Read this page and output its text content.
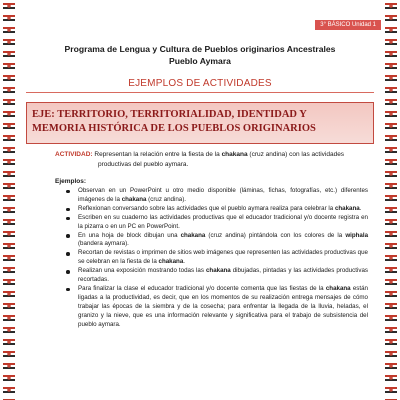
3° BÁSICO Unidad 1
Programa de Lengua y Cultura de Pueblos originarios Ancestrales
Pueblo Aymara
EJEMPLOS DE ACTIVIDADES
EJE: TERRITORIO, TERRITORIALIDAD, IDENTIDAD Y
MEMORIA HISTÓRICA DE LOS PUEBLOS ORIGINARIOS
ACTIVIDAD: Representan la relación entre la fiesta de la chakana (cruz andina) con las actividades
productivas del pueblo aymara.
Ejemplos:
Observan en un PowerPoint u otro medio disponible (láminas, fichas, fotografías, etc.) diferentes imágenes de la chakana (cruz andina).
Reflexionan conversando sobre las actividades que el pueblo aymara realiza para celebrar la chakana.
Escriben en su cuaderno las actividades productivas que el educador tradicional y/o docente registra en la pizarra o en un PC en PowerPoint.
En una hoja de block dibujan una chakana (cruz andina) pintándola con los colores de la wiphala (bandera aymara).
Recortan de revistas o imprimen de sitios web imágenes que representen las actividades productivas que se celebran en la fiesta de la chakana.
Realizan una exposición mostrando todas las chakana dibujadas, pintadas y las actividades productivas recortadas.
Para finalizar la clase el educador tradicional y/o docente comenta que las fiestas de la chakana están ligadas a la productividad, es decir, que en los momentos de su realización entrega mensajes de cómo trabajar las épocas de la siembra y de la cosecha; para enfrentar la llegada de la lluvia, heladas, el granizo y la nieve, que es una información relevante y significativa para el trabajo de subsistencia del pueblo aymara.
